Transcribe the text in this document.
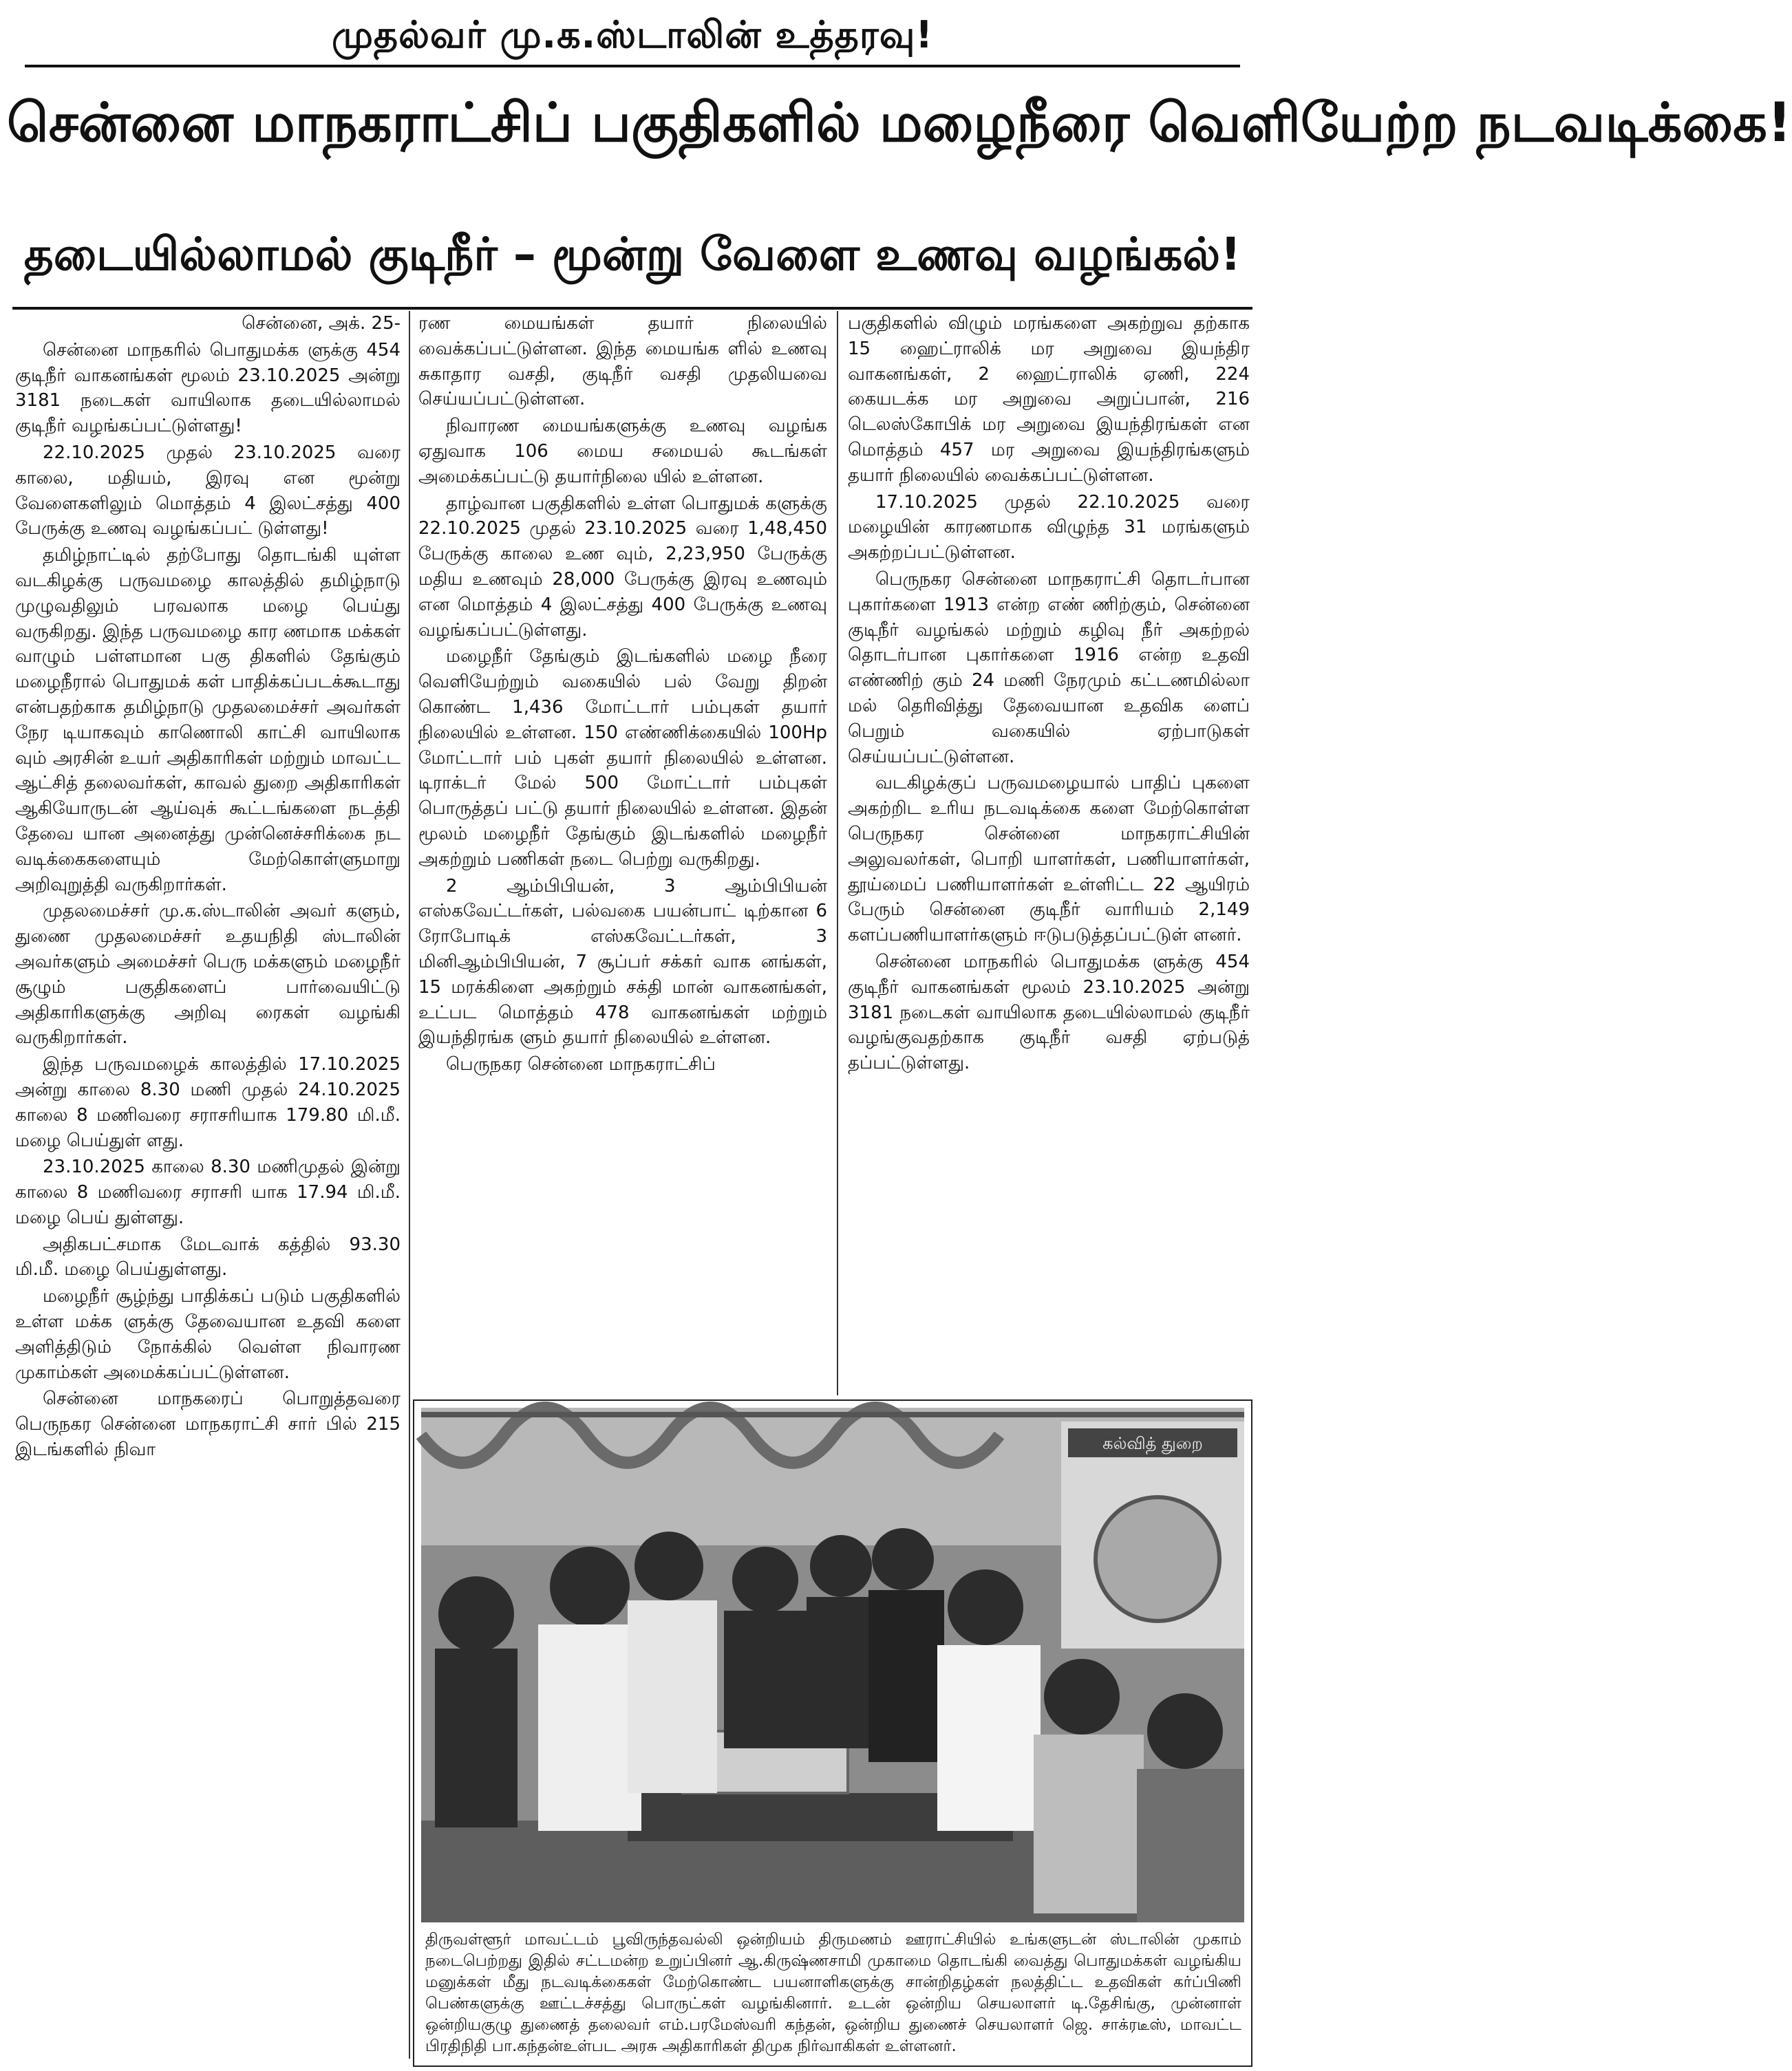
முதல்வர் மு.க.ஸ்டாலின் உத்தரவு!
சென்னை மாநகராட்சிப் பகுதிகளில் மழைநீரை வெளியேற்ற நடவடிக்கை!
தடையில்லாமல் குடிநீர் – மூன்று வேளை உணவு வழங்கல்!

சென்னை, அக். 25-

சென்னை மாநகரில் பொதுமக்க ளுக்கு 454 குடிநீர் வாகனங்கள் மூலம் 23.10.2025 அன்று 3181 நடைகள் வாயிலாக தடையில்லாமல் குடிநீர் வழங்கப்பட்டுள்ளது!

22.10.2025 முதல் 23.10.2025 வரை காலை, மதியம், இரவு என மூன்று வேளைகளிலும் மொத்தம் 4 இலட்சத்து 400 பேருக்கு உணவு வழங்கப்பட் டுள்ளது!

தமிழ்நாட்டில் தற்போது தொடங்கி யுள்ள வடகிழக்கு பருவமழை காலத்தில் தமிழ்நாடு முழுவதிலும் பரவலாக மழை பெய்து வருகிறது. இந்த பருவமழை கார ணமாக மக்கள் வாழும் பள்ளமான பகு திகளில் தேங்கும் மழைநீரால் பொதுமக் கள் பாதிக்கப்படக்கூடாது என்பதற்காக தமிழ்நாடு முதலமைச்சர் அவர்கள் நேர டியாகவும் காணொலி காட்சி வாயிலாக வும் அரசின் உயர் அதிகாரிகள் மற்றும் மாவட்ட ஆட்சித் தலைவர்கள், காவல் துறை அதிகாரிகள் ஆகியோருடன் ஆய்வுக் கூட்டங்களை நடத்தி தேவை யான அனைத்து முன்னெச்சரிக்கை நட வடிக்கைகளையும் மேற்கொள்ளுமாறு அறிவுறுத்தி வருகிறார்கள்.

முதலமைச்சர் மு.க.ஸ்டாலின் அவர் களும், துணை முதலமைச்சர் உதயநிதி ஸ்டாலின் அவர்களும் அமைச்சர் பெரு மக்களும் மழைநீர் சூழும் பகுதிகளைப் பார்வையிட்டு அதிகாரிகளுக்கு அறிவு ரைகள் வழங்கி வருகிறார்கள்.

இந்த பருவமழைக் காலத்தில் 17.10.2025 அன்று காலை 8.30 மணி முதல் 24.10.2025 காலை 8 மணிவரை சராசரியாக 179.80 மி.மீ. மழை பெய்துள் ளது.

23.10.2025 காலை 8.30 மணிமுதல் இன்று காலை 8 மணிவரை சராசரி யாக 17.94 மி.மீ. மழை பெய் துள்ளது.

அதிகபட்சமாக மேடவாக் கத்தில் 93.30 மி.மீ. மழை பெய்துள்ளது.

மழைநீர் சூழ்ந்து பாதிக்கப் படும் பகுதிகளில் உள்ள மக்க ளுக்கு தேவையான உதவி களை அளித்திடும் நோக்கில் வெள்ள நிவாரண முகாம்கள் அமைக்கப்பட்டுள்ளன.

சென்னை மாநகரைப் பொறுத்தவரை பெருநகர சென்னை மாநகராட்சி சார் பில் 215 இடங்களில் நிவா

ரண மையங்கள் தயார் நிலையில் வைக்கப்பட்டுள்ளன. இந்த மையங்க ளில் உணவு சுகாதார வசதி, குடிநீர் வசதி முதலியவை செய்யப்பட்டுள்ளன.

நிவாரண மையங்களுக்கு உணவு வழங்க ஏதுவாக 106 மைய சமையல் கூடங்கள் அமைக்கப்பட்டு தயார்நிலை யில் உள்ளன.

தாழ்வான பகுதிகளில் உள்ள பொதுமக் களுக்கு 22.10.2025 முதல் 23.10.2025 வரை 1,48,450 பேருக்கு காலை உண வும், 2,23,950 பேருக்கு மதிய உணவும் 28,000 பேருக்கு இரவு உணவும் என மொத்தம் 4 இலட்சத்து 400 பேருக்கு உணவு வழங்கப்பட்டுள்ளது.

மழைநீர் தேங்கும் இடங்களில் மழை நீரை வெளியேற்றும் வகையில் பல் வேறு திறன் கொண்ட 1,436 மோட்டார் பம்புகள் தயார் நிலையில் உள்ளன. 150 எண்ணிக்கையில் 100Hp மோட்டார் பம் புகள் தயார் நிலையில் உள்ளன. டிராக்டர் மேல் 500 மோட்டார் பம்புகள் பொருத்தப் பட்டு தயார் நிலையில் உள்ளன. இதன் மூலம் மழைநீர் தேங்கும் இடங்களில் மழைநீர் அகற்றும் பணிகள் நடை பெற்று வருகிறது.

2 ஆம்பிபியன், 3 ஆம்பிபியன் எஸ்கவேட்டர்கள், பல்வகை பயன்பாட் டிற்கான 6 ரோபோடிக் எஸ்கவேட்டர்கள், 3 மினிஆம்பிபியன், 7 சூப்பர் சக்கர் வாக னங்கள், 15 மரக்கிளை அகற்றும் சக்தி மான் வாகனங்கள், உட்பட மொத்தம் 478 வாகனங்கள் மற்றும் இயந்திரங்க ளும் தயார் நிலையில் உள்ளன.

பெருநகர சென்னை மாநகராட்சிப்

பகுதிகளில் விழும் மரங்களை அகற்றுவ தற்காக 15 ஹைட்ராலிக் மர அறுவை இயந்திர வாகனங்கள், 2 ஹைட்ராலிக் ஏணி, 224 கையடக்க மர அறுவை அறுப்பான், 216 டெலஸ்கோபிக் மர அறுவை இயந்திரங்கள் என மொத்தம் 457 மர அறுவை இயந்திரங்களும் தயார் நிலையில் வைக்கப்பட்டுள்ளன.

17.10.2025 முதல் 22.10.2025 வரை மழையின் காரணமாக விழுந்த 31 மரங்களும் அகற்றப்பட்டுள்ளன.

பெருநகர சென்னை மாநகராட்சி தொடர்பான புகார்களை 1913 என்ற எண் ணிற்கும், சென்னை குடிநீர் வழங்கல் மற்றும் கழிவு நீர் அகற்றல் தொடர்பான புகார்களை 1916 என்ற உதவி எண்ணிற் கும் 24 மணி நேரமும் கட்டணமில்லா மல் தெரிவித்து தேவையான உதவிக ளைப் பெறும் வகையில் ஏற்பாடுகள் செய்யப்பட்டுள்ளன.

வடகிழக்குப் பருவமழையால் பாதிப் புகளை அகற்றிட உரிய நடவடிக்கை களை மேற்கொள்ள பெருநகர சென்னை மாநகராட்சியின் அலுவலர்கள், பொறி யாளர்கள், பணியாளர்கள், தூய்மைப் பணியாளர்கள் உள்ளிட்ட 22 ஆயிரம் பேரும் சென்னை குடிநீர் வாரியம் 2,149 களப்பணியாளர்களும் ஈடுபடுத்தப்பட்டுள் ளனர்.

சென்னை மாநகரில் பொதுமக்க ளுக்கு 454 குடிநீர் வாகனங்கள் மூலம் 23.10.2025 அன்று 3181 நடைகள் வாயிலாக தடையில்லாமல் குடிநீர் வழங்குவதற்காக குடிநீர் வசதி ஏற்படுத் தப்பட்டுள்ளது.

கல்வித் துறை
திருவள்ளூர் மாவட்டம் பூவிருந்தவல்லி ஒன்றியம் திருமணம் ஊராட்சியில் உங்களுடன் ஸ்டாலின் முகாம் நடைபெற்றது இதில் சட்டமன்ற உறுப்பினர் ஆ.கிருஷ்ணசாமி முகாமை தொடங்கி வைத்து பொதுமக்கள் வழங்கிய மனுக்கள் மீது நடவடிக்கைகள் மேற்கொண்ட பயனாளிகளுக்கு சான்றிதழ்கள் நலத்திட்ட உதவிகள் கர்ப்பிணி பெண்களுக்கு ஊட்டச்சத்து பொருட்கள் வழங்கினார். உடன் ஒன்றிய செயலாளர் டி.தேசிங்கு, முன்னாள் ஒன்றியகுழு துணைத் தலைவர் எம்.பரமேஸ்வரி கந்தன், ஒன்றிய துணைச் செயலாளர் ஜெ. சாக்ரடீஸ், மாவட்ட பிரதிநிதி பா.கந்தன்உள்பட அரசு அதிகாரிகள் திமுக நிர்வாகிகள் உள்ளனர்.
